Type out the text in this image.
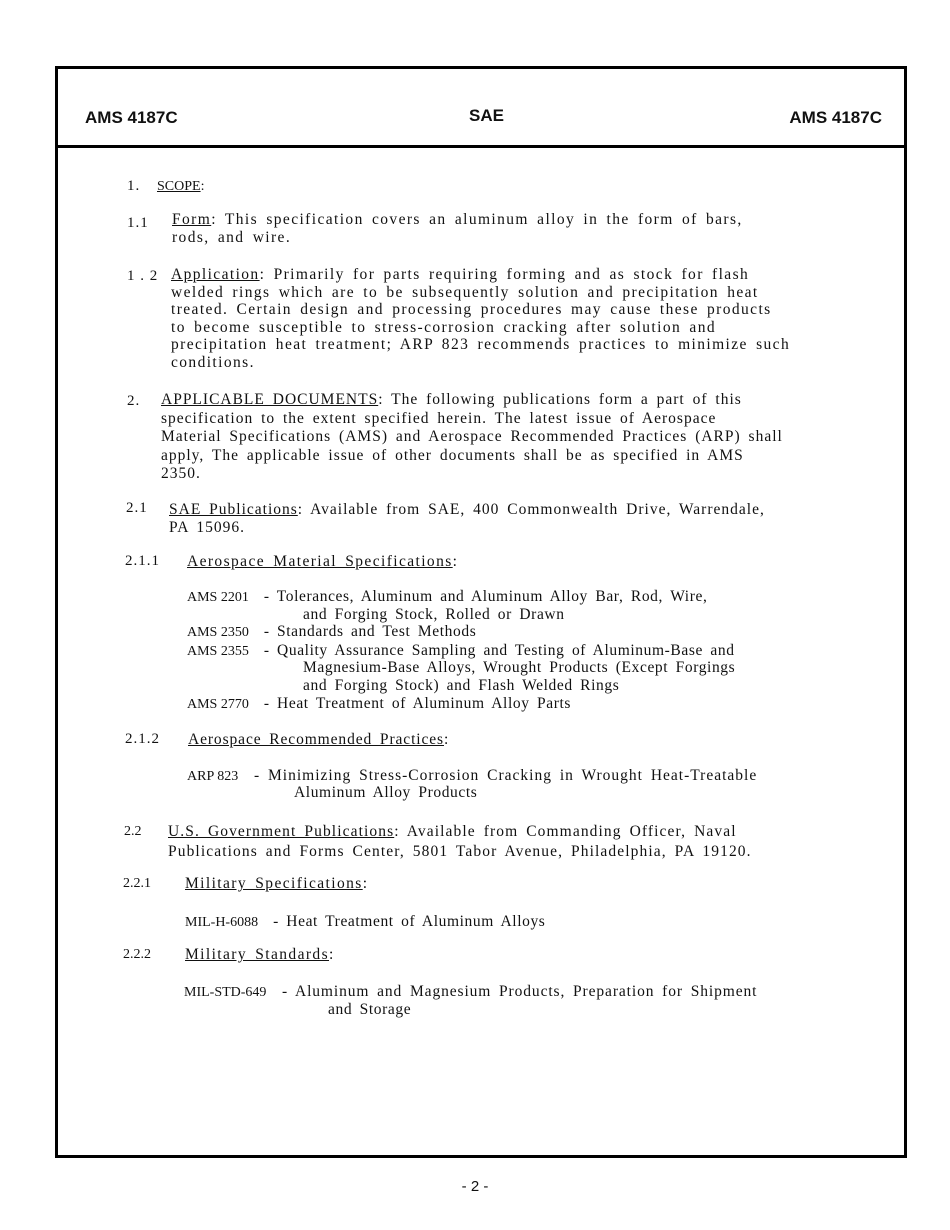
AMS 4187C	SAE	AMS 4187C
1. SCOPE:
1.1 Form: This specification covers an aluminum alloy in the form of bars,
rods, and wire.
1 . 2 Application: Primarily for parts requiring forming and as stock for flash
welded rings which are to be subsequently solution and precipitation heat
treated. Certain design and processing procedures may cause these products
to become susceptible to stress-corrosion cracking after solution and
precipitation heat treatment; ARP 823 recommends practices to minimize such
conditions.
2. APPLICABLE DOCUMENTS: The following publications form a part of this
specification to the extent specified herein. The latest issue of Aerospace
Material Specifications (AMS) and Aerospace Recommended Practices (ARP) shall
apply, The applicable issue of other documents shall be as specified in AMS
2350.
2.1 SAE Publications: Available from SAE, 400 Commonwealth Drive, Warrendale,
PA 15096.
2.1.1 Aerospace Material Specifications:
AMS 2201 - Tolerances, Aluminum and Aluminum Alloy Bar, Rod, Wire,
and Forging Stock, Rolled or Drawn
AMS 2350 - Standards and Test Methods
AMS 2355 - Quality Assurance Sampling and Testing of Aluminum-Base and
Magnesium-Base Alloys, Wrought Products (Except Forgings
and Forging Stock) and Flash Welded Rings
AMS 2770 - Heat Treatment of Aluminum Alloy Parts
2.1.2 Aerospace Recommended Practices:
ARP 823 - Minimizing Stress-Corrosion Cracking in Wrought Heat-Treatable
Aluminum Alloy Products
2.2 U.S. Government Publications: Available from Commanding Officer, Naval
Publications and Forms Center, 5801 Tabor Avenue, Philadelphia, PA 19120.
2.2.1 Military Specifications:
MIL-H-6088 - Heat Treatment of Aluminum Alloys
2.2.2 Military Standards:
MIL-STD-649 - Aluminum and Magnesium Products, Preparation for Shipment
and Storage
- 2 -
